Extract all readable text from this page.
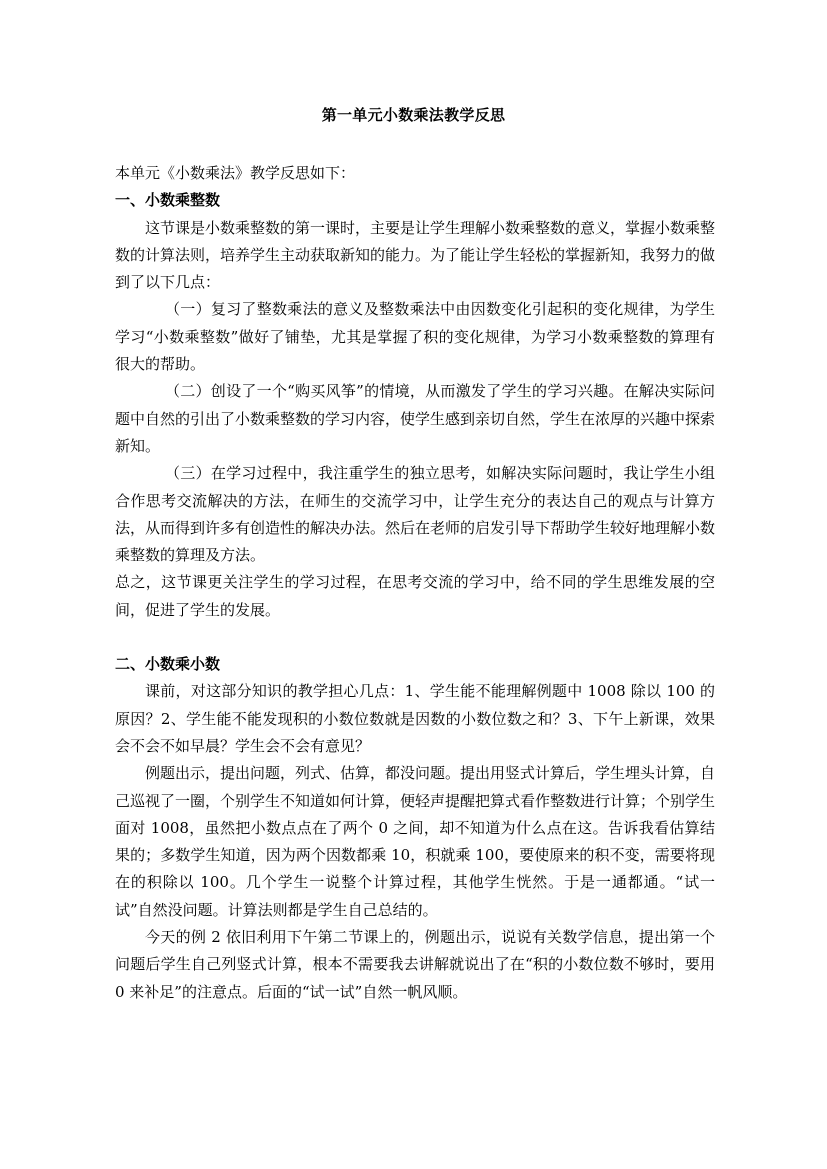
第一单元小数乘法教学反思

本单元《小数乘法》教学反思如下：

一、小数乘整数

这节课是小数乘整数的第一课时，主要是让学生理解小数乘整数的意义，掌握小数乘整数的计算法则，培养学生主动获取新知的能力。为了能让学生轻松的掌握新知，我努力的做到了以下几点：

（一）复习了整数乘法的意义及整数乘法中由因数变化引起积的变化规律，为学生学习“小数乘整数”做好了铺垫，尤其是掌握了积的变化规律，为学习小数乘整数的算理有很大的帮助。

（二）创设了一个“购买风筝”的情境，从而激发了学生的学习兴趣。在解决实际问题中自然的引出了小数乘整数的学习内容，使学生感到亲切自然，学生在浓厚的兴趣中探索新知。

（三）在学习过程中，我注重学生的独立思考，如解决实际问题时，我让学生小组合作思考交流解决的方法，在师生的交流学习中，让学生充分的表达自己的观点与计算方法，从而得到许多有创造性的解决办法。然后在老师的启发引导下帮助学生较好地理解小数乘整数的算理及方法。

总之，这节课更关注学生的学习过程，在思考交流的学习中，给不同的学生思维发展的空间，促进了学生的发展。

二、小数乘小数

课前，对这部分知识的教学担心几点：1、学生能不能理解例题中 1008 除以 100 的原因？2、学生能不能发现积的小数位数就是因数的小数位数之和？3、下午上新课，效果会不会不如早晨？学生会不会有意见？

例题出示，提出问题，列式、估算，都没问题。提出用竖式计算后，学生埋头计算，自己巡视了一圈，个别学生不知道如何计算，便轻声提醒把算式看作整数进行计算；个别学生面对 1008，虽然把小数点点在了两个 0 之间，却不知道为什么点在这。告诉我看估算结果的；多数学生知道，因为两个因数都乘 10，积就乘 100，要使原来的积不变，需要将现在的积除以 100。几个学生一说整个计算过程，其他学生恍然。于是一通都通。“试一试”自然没问题。计算法则都是学生自己总结的。

今天的例 2 依旧利用下午第二节课上的，例题出示，说说有关数学信息，提出第一个问题后学生自己列竖式计算，根本不需要我去讲解就说出了在“积的小数位数不够时，要用 0 来补足”的注意点。后面的“试一试”自然一帆风顺。
